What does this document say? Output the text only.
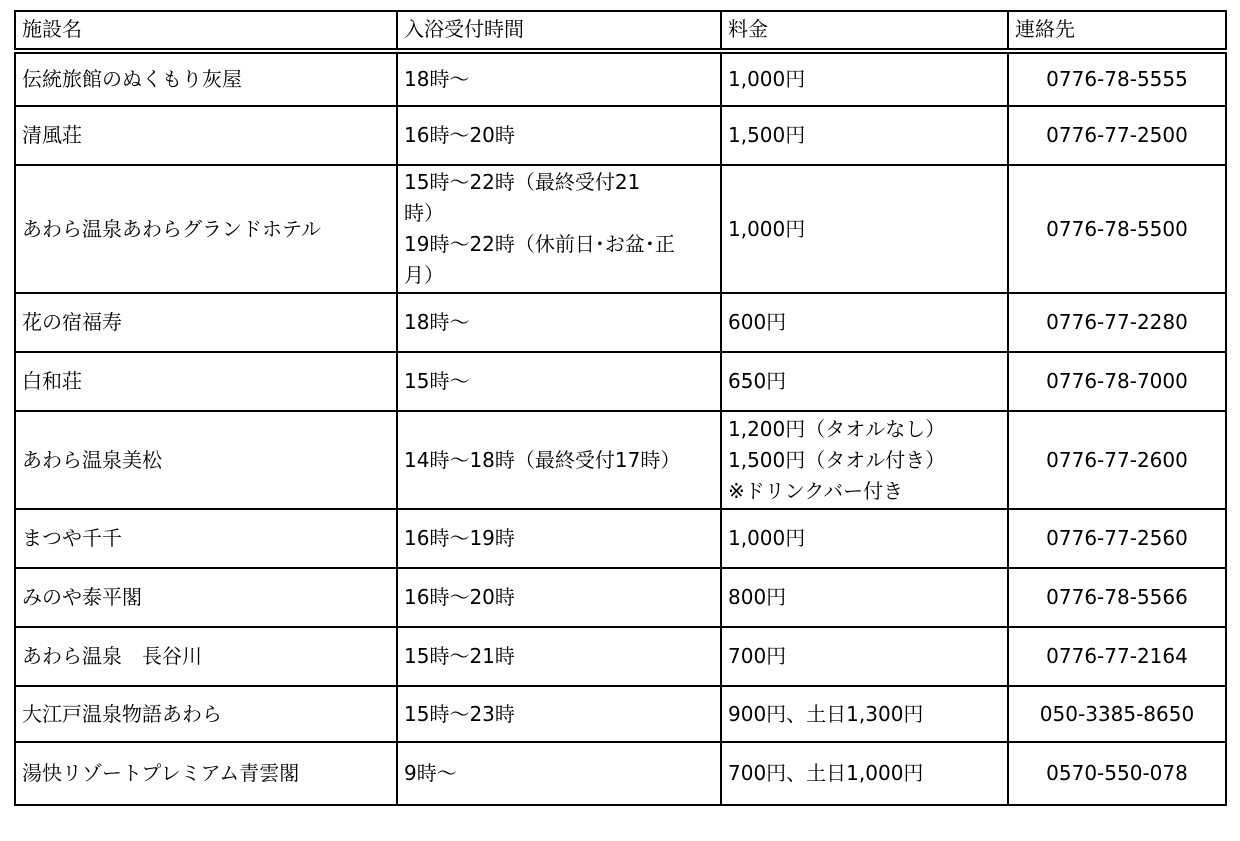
施設名	入浴受付時間	料金	連絡先
伝統旅館のぬくもり灰屋	18時～	1,000円	0776-78-5555
清風荘	16時～20時	1,500円	0776-77-2500
あわら温泉あわらグランドホテル	15時～22時（最終受付21
時）
19時～22時（休前日･お盆･正
月）	1,000円	0776-78-5500
花の宿福寿	18時～	600円	0776-77-2280
白和荘	15時～	650円	0776-78-7000
あわら温泉美松	14時～18時（最終受付17時）	1,200円（タオルなし）
1,500円（タオル付き）
※ドリンクバー付き	0776-77-2600
まつや千千	16時～19時	1,000円	0776-77-2560
みのや泰平閣	16時～20時	800円	0776-78-5566
あわら温泉　長谷川	15時～21時	700円	0776-77-2164
大江戸温泉物語あわら	15時～23時	900円、土日1,300円	050-3385-8650
湯快リゾートプレミアム青雲閣	9時～	700円、土日1,000円	0570-550-078
